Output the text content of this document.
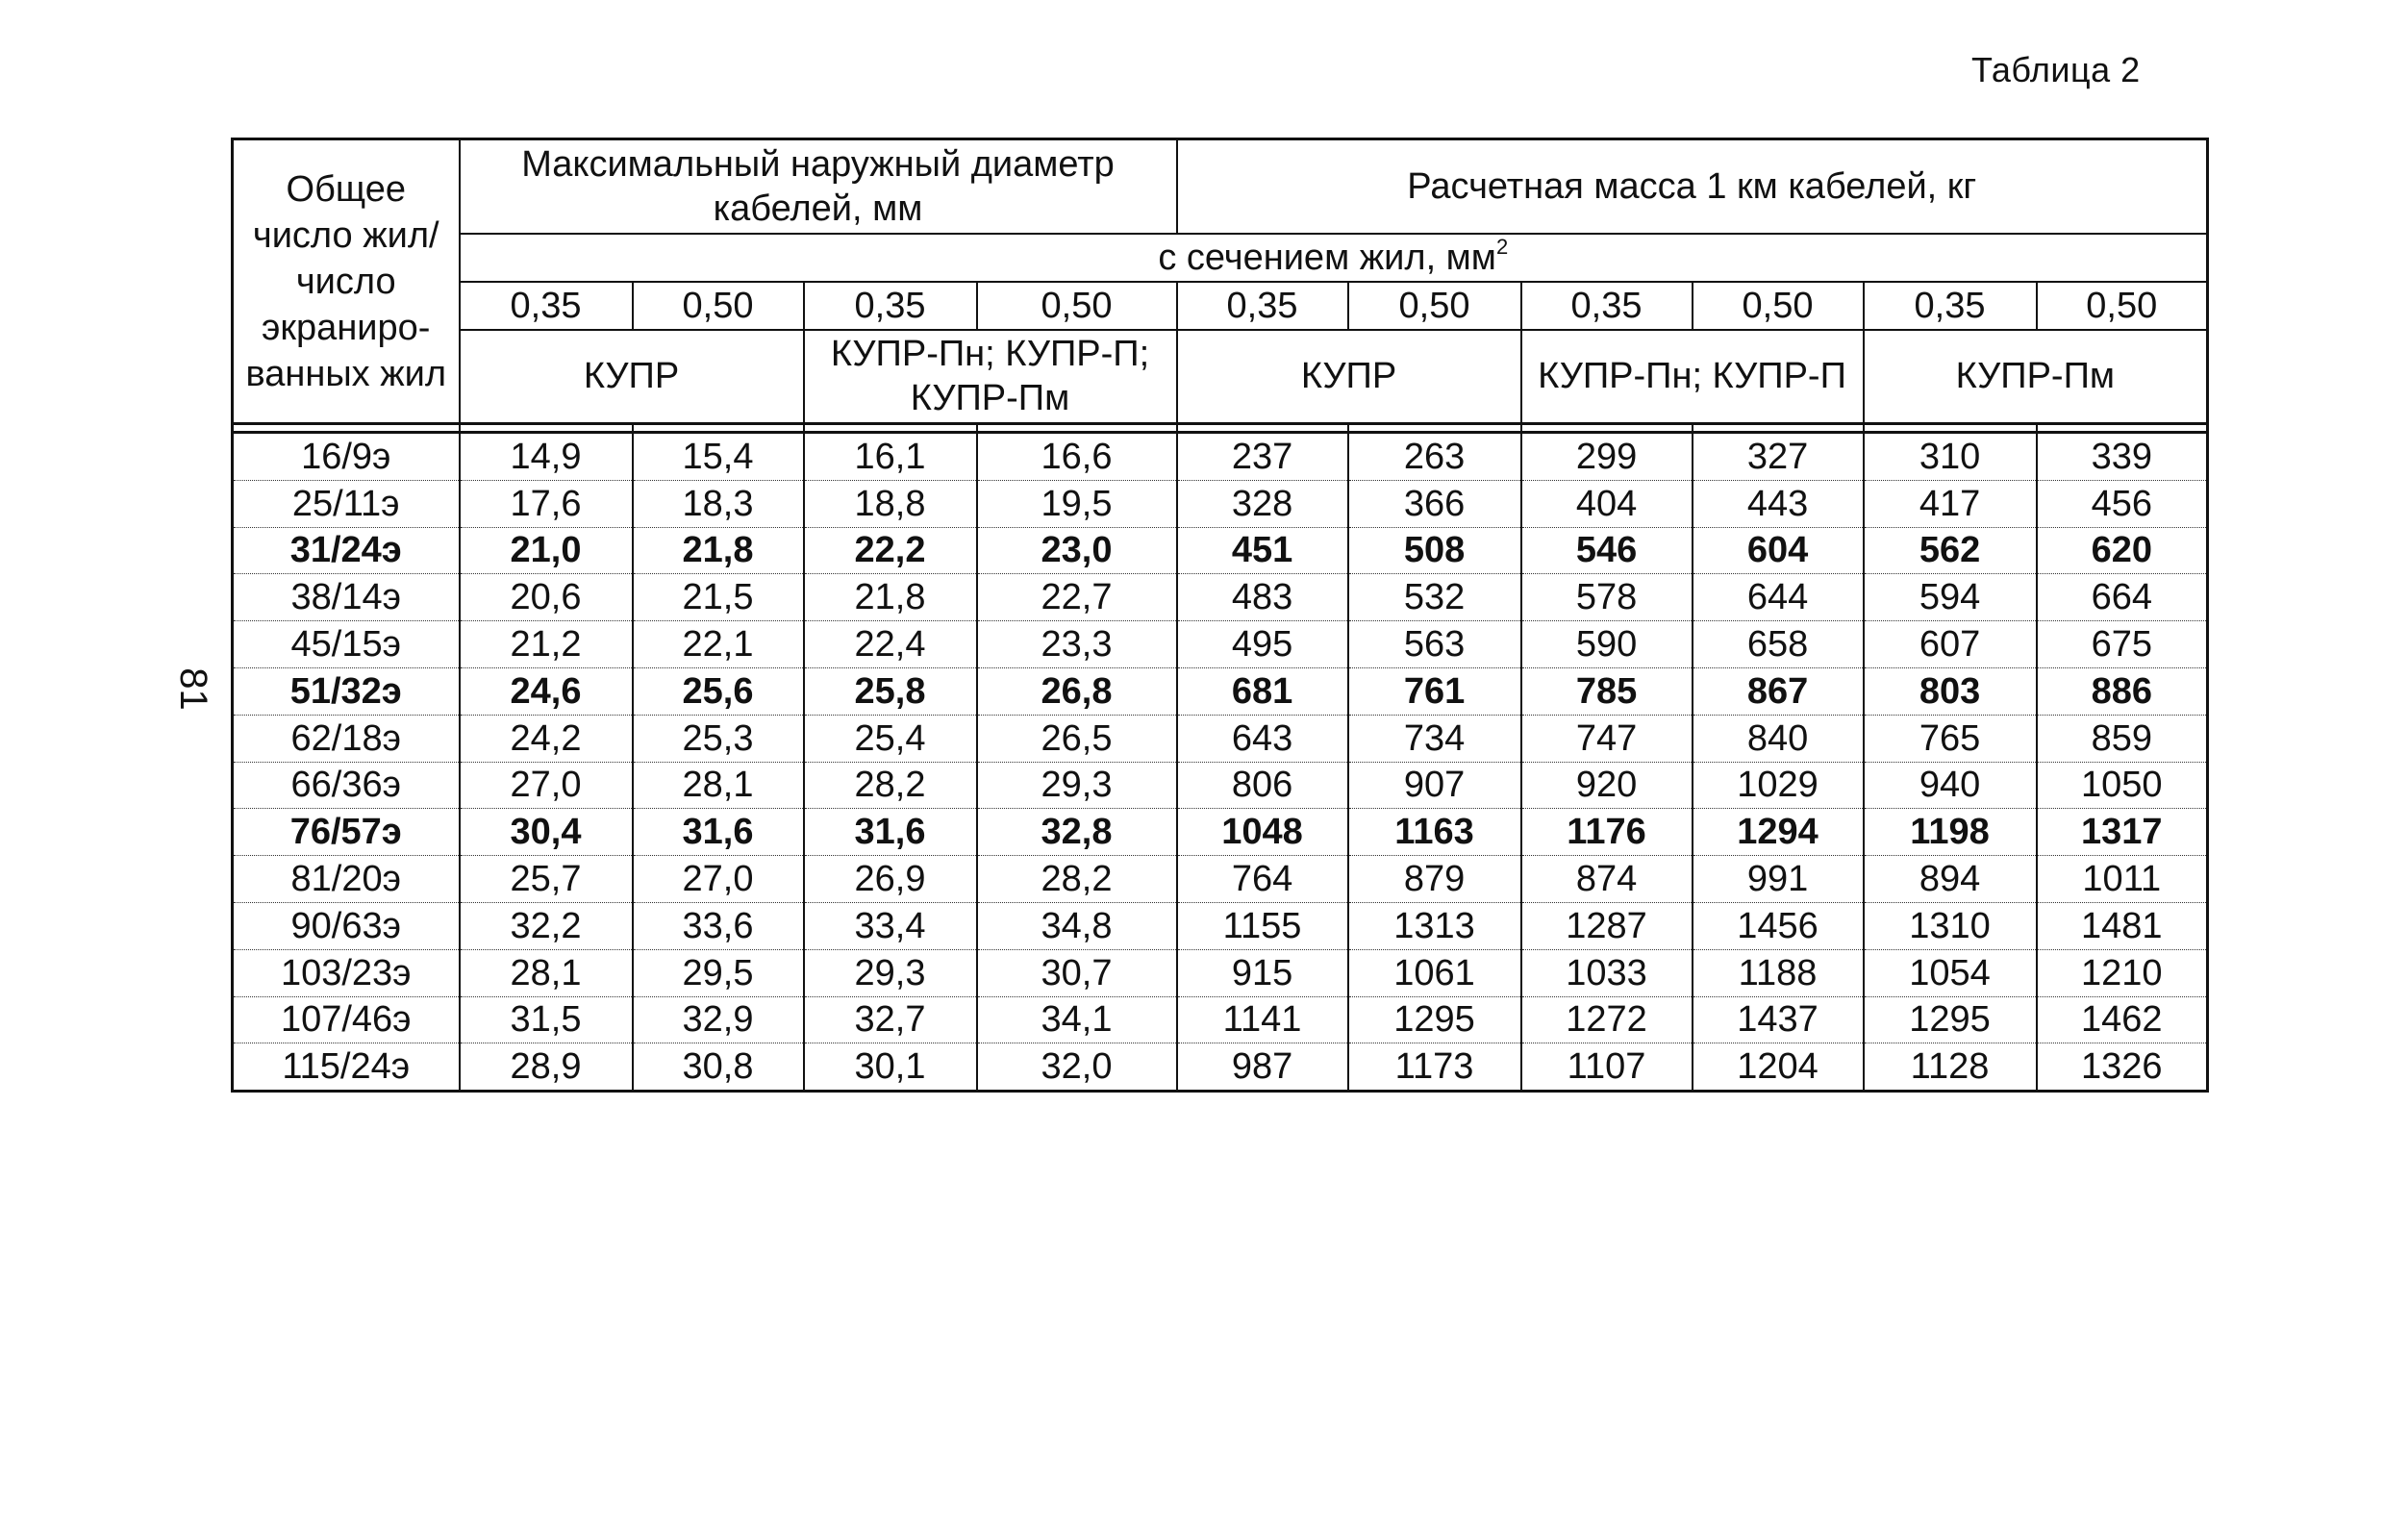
Таблица 2
81
Общее число жил/ число экраниро-ванных жил	Максимальный наружный диаметр кабелей, мм				Расчетная масса 1 км кабелей, кг					
	с сечением жил, $мм^2$
	0,35	0,50	0,35	0,50	0,35	0,50	0,35	0,50	0,35	0,50
	КУПР		КУПР-Пн; КУПР-П; КУПР-Пм		КУПР		КУПР-Пн; КУПР-П		КУПР-Пм	

16/9э	14,9	15,4	16,1	16,6	237	263	299	327	310	339
25/11э	17,6	18,3	18,8	19,5	328	366	404	443	417	456
31/24э	21,0	21,8	22,2	23,0	451	508	546	604	562	620
38/14э	20,6	21,5	21,8	22,7	483	532	578	644	594	664
45/15э	21,2	22,1	22,4	23,3	495	563	590	658	607	675
51/32э	24,6	25,6	25,8	26,8	681	761	785	867	803	886
62/18э	24,2	25,3	25,4	26,5	643	734	747	840	765	859
66/36э	27,0	28,1	28,2	29,3	806	907	920	1029	940	1050
76/57э	30,4	31,6	31,6	32,8	1048	1163	1176	1294	1198	1317
81/20э	25,7	27,0	26,9	28,2	764	879	874	991	894	1011
90/63э	32,2	33,6	33,4	34,8	1155	1313	1287	1456	1310	1481
103/23э	28,1	29,5	29,3	30,7	915	1061	1033	1188	1054	1210
107/46э	31,5	32,9	32,7	34,1	1141	1295	1272	1437	1295	1462
115/24э	28,9	30,8	30,1	32,0	987	1173	1107	1204	1128	1326
